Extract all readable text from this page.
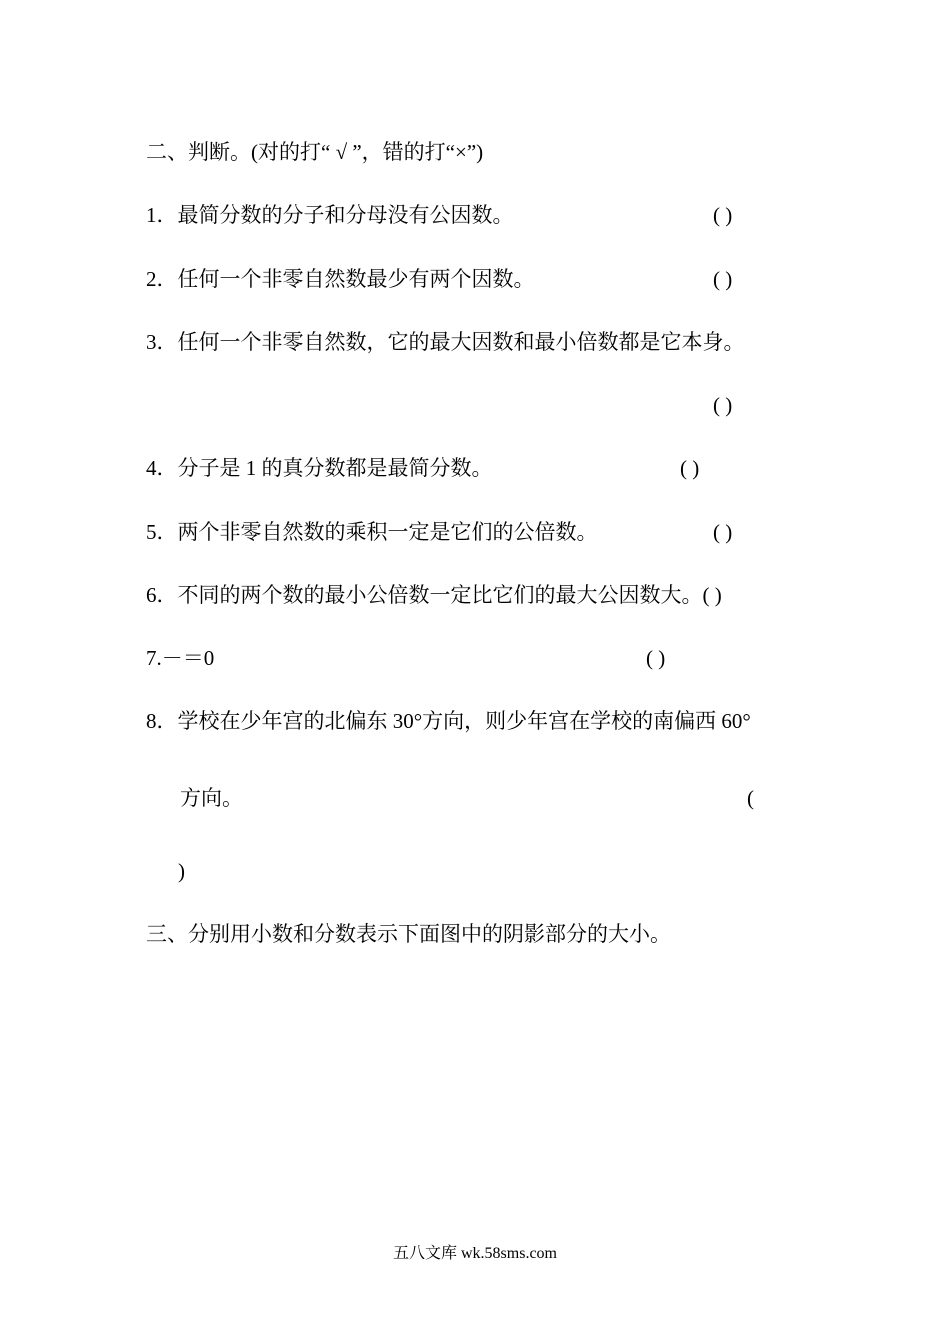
二、判断。(对的打“ √ ”，错的打“×”)
1．最简分数的分子和分母没有公因数。	( )
2．任何一个非零自然数最少有两个因数。	( )
3．任何一个非零自然数，它的最大因数和最小倍数都是它本身。
( )
4．分子是 1 的真分数都是最简分数。	( )
5．两个非零自然数的乘积一定是它们的公倍数。	( )
6．不同的两个数的最小公倍数一定比它们的最大公因数大。( )
7.－＝0	( )
8．学校在少年宫的北偏东 30°方向，则少年宫在学校的南偏西 60°
方向。	(
)
三、分别用小数和分数表示下面图中的阴影部分的大小。
五八文库 wk.58sms.com
